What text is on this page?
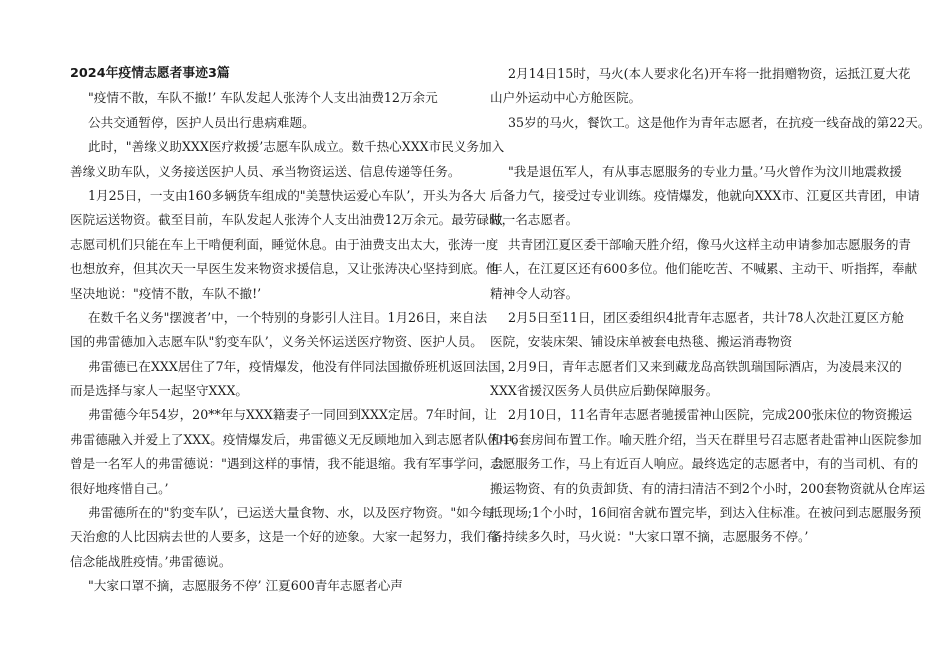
2024年疫情志愿者事迹3篇
"疫情不散，车队不撤!’ 车队发起人张涛个人支出油费12万余元
公共交通暂停，医护人员出行患病难题。
此时，"善缘义助XXX医疗救援’志愿车队成立。数千热心XXX市民义务加入
善缘义助车队，义务接送医护人员、承当物资运送、信息传递等任务。
1月25日，一支由160多辆货车组成的"美慧快运爱心车队’，开头为各大
医院运送物资。截至目前，车队发起人张涛个人支出油费12万余元。最劳碌时，
志愿司机们只能在车上干啃便利面，睡觉休息。由于油费支出太大，张涛一度
也想放弃，但其次天一早医生发来物资求援信息，又让张涛决心坚持到底。他
坚决地说："疫情不散，车队不撤!’
在数千名义务"摆渡者’中，一个特别的身影引人注目。1月26日，来自法
国的弗雷德加入志愿车队"豹变车队’，义务关怀运送医疗物资、医护人员。
弗雷德已在XXX居住了7年，疫情爆发，他没有伴同法国撤侨班机返回法国，
而是选择与家人一起坚守XXX。
弗雷德今年54岁，20**年与XXX籍妻子一同回到XXX定居。7年时间，让
弗雷德融入并爱上了XXX。疫情爆发后，弗雷德义无反顾地加入到志愿者队伍中。
曾是一名军人的弗雷德说："遇到这样的事情，我不能退缩。我有军事学问，会
很好地疼惜自己。’
弗雷德所在的"豹变车队’，已运送大量食物、水，以及医疗物资。"如今每
天治愈的人比因病去世的人要多，这是一个好的迹象。大家一起努力，我们有
信念能战胜疫情。’弗雷德说。
"大家口罩不摘，志愿服务不停’ 江夏600青年志愿者心声
2月14日15时，马火(本人要求化名)开车将一批捐赠物资，运抵江夏大花
山户外运动中心方舱医院。
35岁的马火，餐饮工。这是他作为青年志愿者，在抗疫一线奋战的第22天。
"我是退伍军人，有从事志愿服务的专业力量。’马火曾作为汶川地震救援
后备力气，接受过专业训练。疫情爆发，他就向XXX市、江夏区共青团，申请
做一名志愿者。
共青团江夏区委干部喻天胜介绍，像马火这样主动申请参加志愿服务的青
年人，在江夏区还有600多位。他们能吃苦、不喊累、主动干、听指挥，奉献
精神令人动容。
2月5日至11日，团区委组织4批青年志愿者，共计78人次赴江夏区方舱
医院，安装床架、铺设床单被套电热毯、搬运消毒物资
2月9日，青年志愿者们又来到藏龙岛高铁凯瑞国际酒店，为凌晨来汉的
XXX省援汉医务人员供应后勤保障服务。
2月10日，11名青年志愿者驰援雷神山医院，完成200张床位的物资搬运
和16套房间布置工作。喻天胜介绍，当天在群里号召志愿者赴雷神山医院参加
志愿服务工作，马上有近百人响应。最终选定的志愿者中，有的当司机、有的
搬运物资、有的负责卸货、有的清扫清洁不到2个小时，200套物资就从仓库运
抵现场;1个小时，16间宿舍就布置完毕，到达入住标准。在被问到志愿服务预
备持续多久时，马火说："大家口罩不摘，志愿服务不停。’
